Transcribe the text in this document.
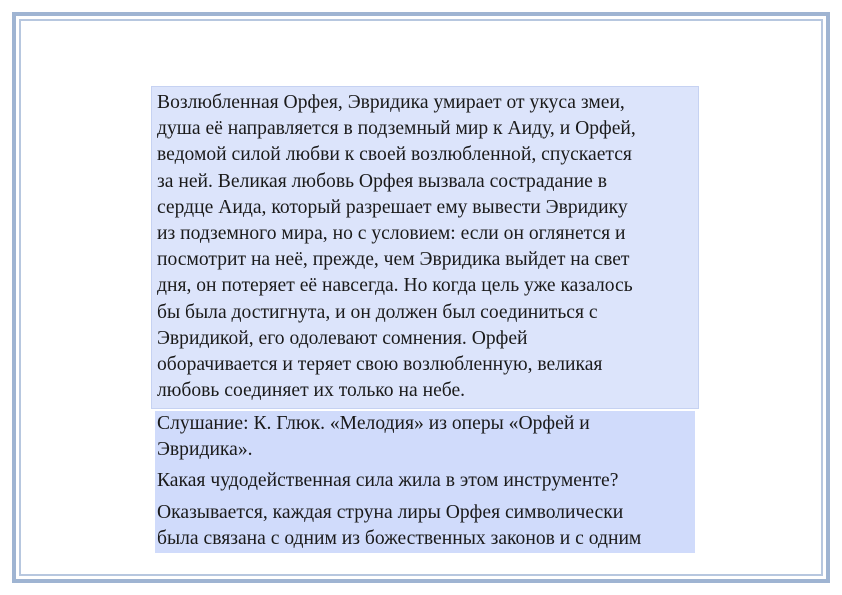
Возлюбленная Орфея, Эвридика умирает от укуса змеи,
душа её направляется в подземный мир к Аиду, и Орфей,
ведомой силой любви к своей возлюбленной, спускается
за ней. Великая любовь Орфея вызвала сострадание в
сердце Аида, который разрешает ему вывести Эвридику
из подземного мира, но с условием: если он оглянется и
посмотрит на неё, прежде, чем Эвридика выйдет на свет
дня, он потеряет её навсегда. Но когда цель уже казалось
бы была достигнута, и он должен был соединиться с
Эвридикой, его одолевают сомнения. Орфей
оборачивается и теряет свою возлюбленную, великая
любовь соединяет их только на небе.

Слушание: К. Глюк. «Мелодия» из оперы «Орфей и
Эвридика».

Какая чудодейственная сила жила в этом инструменте?

Оказывается, каждая струна лиры Орфея символически
была связана с одним из божественных законов и с одним
